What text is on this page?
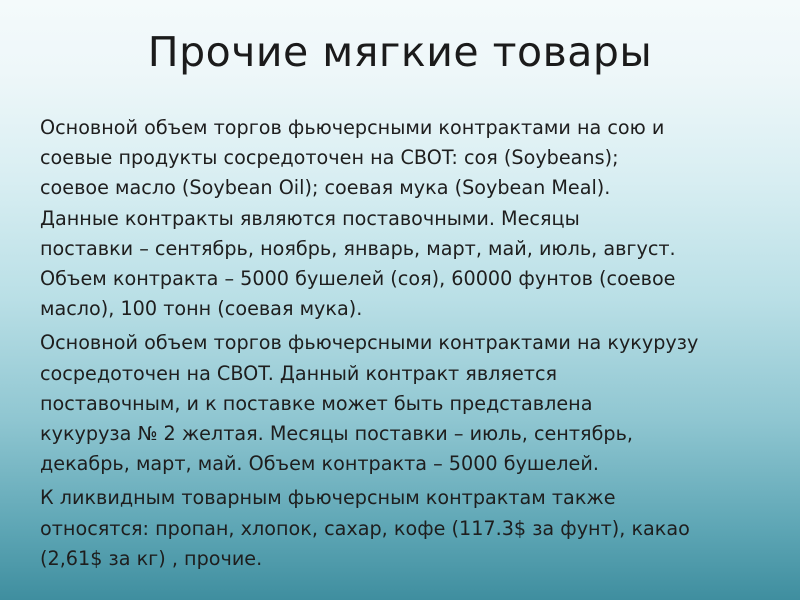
Прочие мягкие товары

Основной объем торгов фьючерсными контрактами на сою и
соевые продукты сосредоточен на CBOT: соя (Soybeans);
соевое масло (Soybean Oil); соевая мука (Soybean Meal).
Данные контракты являются поставочными. Месяцы
поставки – сентябрь, ноябрь, январь, март, май, июль, август.
Объем контракта – 5000 бушелей (соя), 60000 фунтов (соевое
масло), 100 тонн (соевая мука).

Основной объем торгов фьючерсными контрактами на кукурузу
сосредоточен на CBOT. Данный контракт является
поставочным, и к поставке может быть представлена
кукуруза № 2 желтая. Месяцы поставки – июль, сентябрь,
декабрь, март, май. Объем контракта – 5000 бушелей.

К ликвидным товарным фьючерсным контрактам также
относятся: пропан, хлопок, сахар, кофе (117.3$ за фунт), какао
(2,61$ за кг) , прочие.
